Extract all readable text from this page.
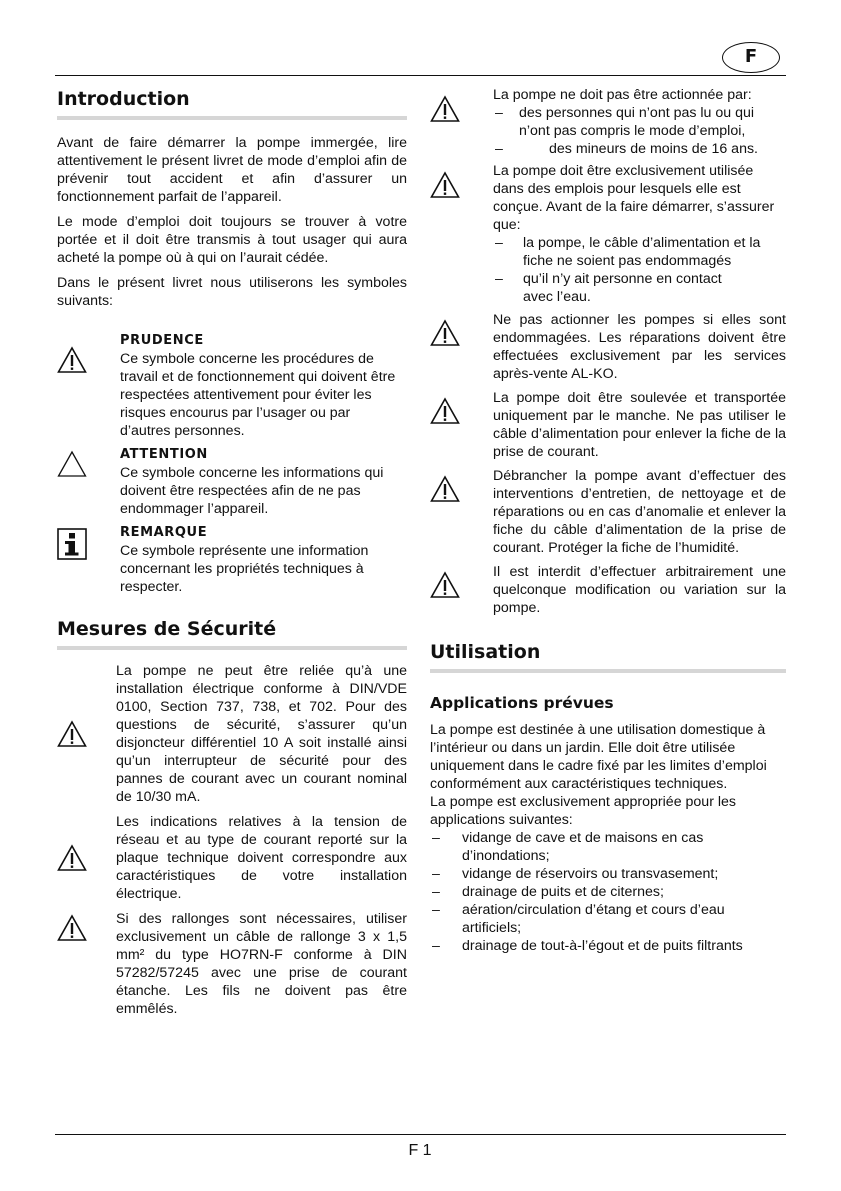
F
Introduction

Avant de faire démarrer la pompe immergée, lire attentivement le présent livret de mode d’emploi afin de prévenir tout accident et afin d’assurer un fonctionnement parfait de l’appareil.

Le mode d’emploi doit toujours se trouver à votre portée et il doit être transmis à tout usager qui aura acheté la pompe où à qui on l’aurait cédée.

Dans le présent livret nous utiliserons les symboles suivants:

PRUDENCE
Ce symbole concerne les procédures de travail et de fonctionnement qui doivent être respectées attentivement pour éviter les risques encourus par l’usager ou par d’autres personnes.
ATTENTION
Ce symbole concerne les informations qui doivent être respectées afin de ne pas endommager l’appareil.
REMARQUE
Ce symbole représente une information concernant les propriétés techniques à respecter.
Mesures de Sécurité
La pompe ne peut être reliée qu’à une installation électrique conforme à DIN/VDE 0100, Section 737, 738, et 702. Pour des questions de sécurité, s’assurer qu’un disjoncteur différentiel 10 A soit installé ainsi qu’un interrupteur de sécurité pour des pannes de courant avec un courant nominal de 10/30 mA.
Les indications relatives à la tension de réseau et au type de courant reporté sur la plaque technique doivent correspondre aux caractéristiques de votre installation électrique.
Si des rallonges sont nécessaires, utiliser exclusivement un câble de rallonge 3 x 1,5 mm² du type HO7RN-F conforme à DIN 57282/57245 avec une prise de courant étanche. Les fils ne doivent pas être emmêlés.
La pompe ne doit pas être actionnée par:
– des personnes qui n’ont pas lu ou qui n’ont pas compris le mode d’emploi,
– des mineurs de moins de 16 ans.
La pompe doit être exclusivement utilisée dans des emplois pour lesquels elle est conçue. Avant de la faire démarrer, s’assurer que:
– la pompe, le câble d’alimentation et la fiche ne soient pas endommagés
– qu’il n’y ait personne en contact avec l’eau.
Ne pas actionner les pompes si elles sont endommagées. Les réparations doivent être effectuées exclusivement par les services après-vente AL-KO.
La pompe doit être soulevée et transportée uniquement par le manche. Ne pas utiliser le câble d’alimentation pour enlever la fiche de la prise de courant.
Débrancher la pompe avant d’effectuer des interventions d’entretien, de nettoyage et de réparations ou en cas d’anomalie et enlever la fiche du câble d’alimentation de la prise de courant. Protéger la fiche de l’humidité.
Il est interdit d’effectuer arbitrairement une quelconque modification ou variation sur la pompe.
Utilisation
Applications prévues
La pompe est destinée à une utilisation domestique à l’intérieur ou dans un jardin. Elle doit être utilisée uniquement dans le cadre fixé par les limites d’emploi conformément aux caractéristiques techniques.
La pompe est exclusivement appropriée pour les applications suivantes:
– vidange de cave et de maisons en cas d’inondations;
– vidange de réservoirs ou transvasement;
– drainage de puits et de citernes;
– aération/circulation d’étang et cours d’eau artificiels;
– drainage de tout-à-l’égout et de puits filtrants
F 1
